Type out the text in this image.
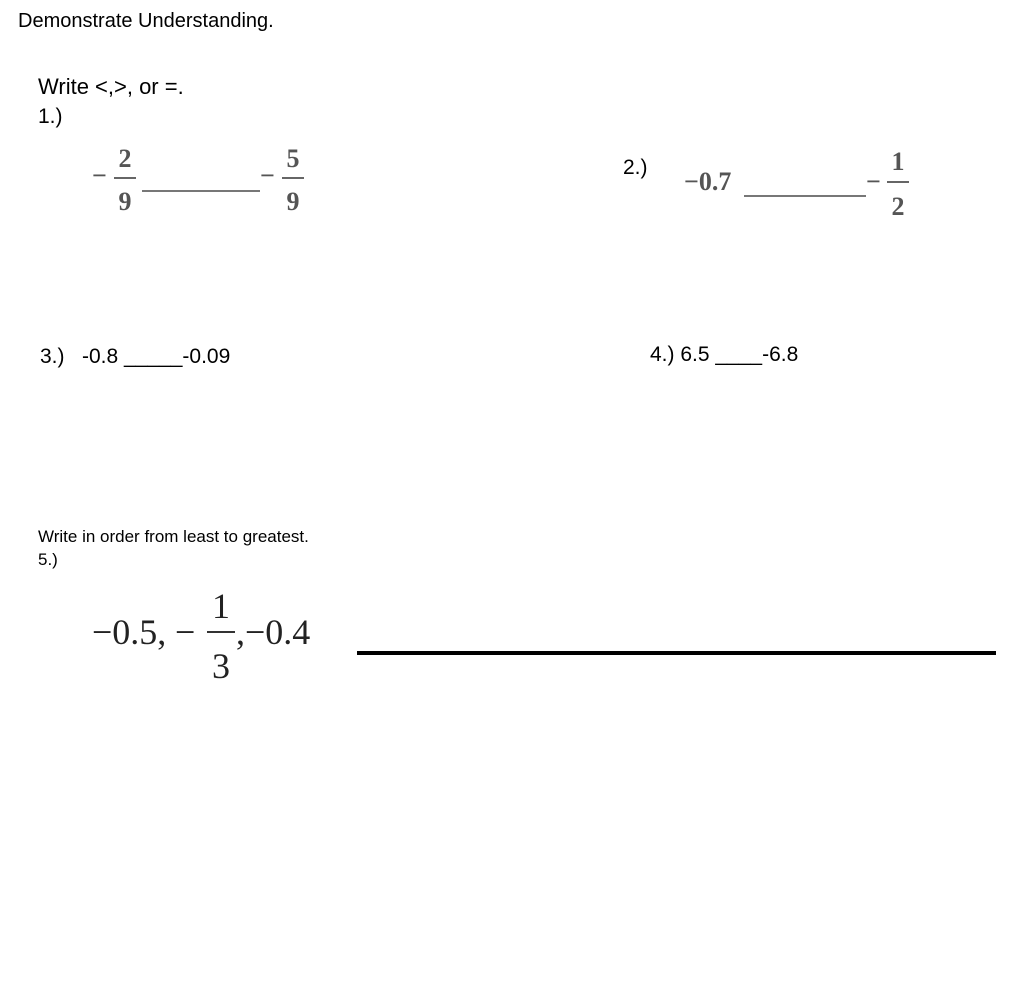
Demonstrate Understanding.
Write <,>, or =.
1.)
−
2
9
−
5
9
2.) −0.7	−
1
2
3.)   -0.8 _____-0.09	4.) 6.5 ____-6.8
Write in order from least to greatest.
5.)
−0.5, −
1
3
,−0.4
